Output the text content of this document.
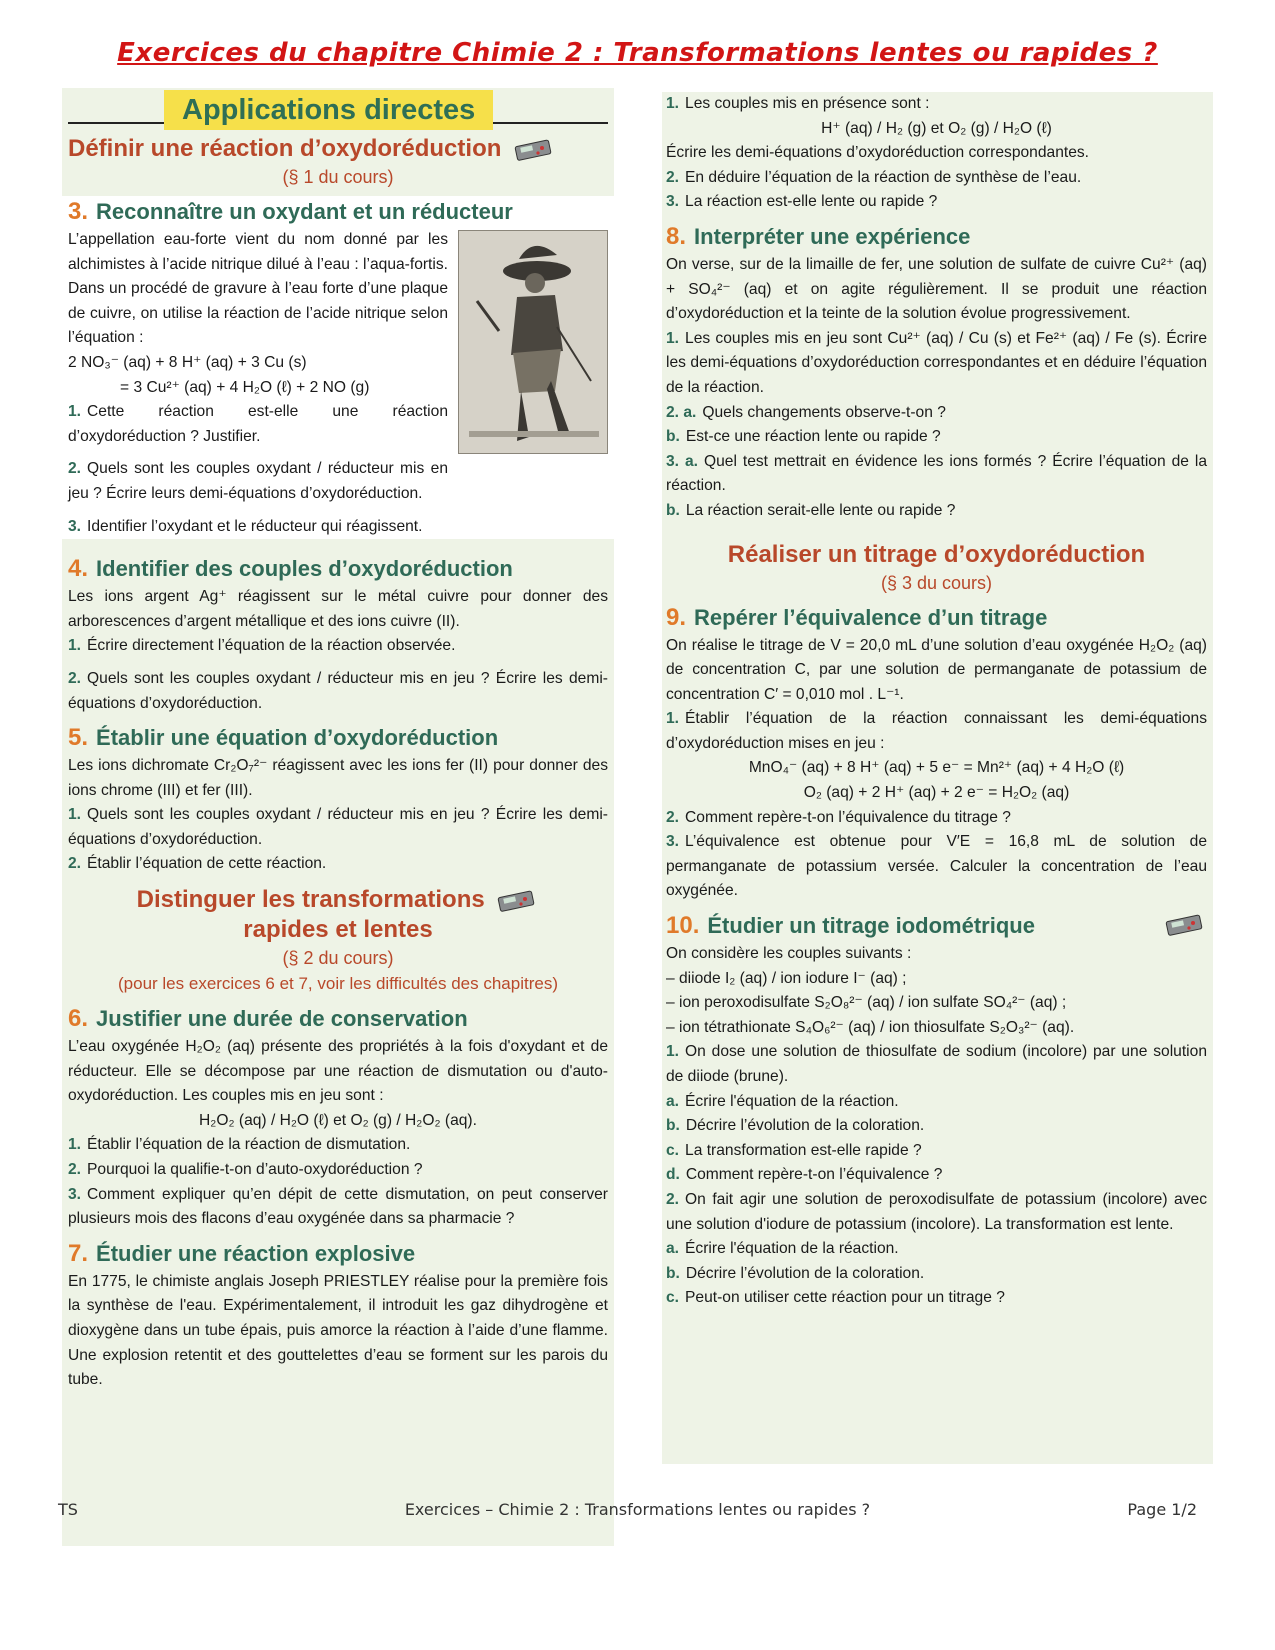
Exercices du chapitre Chimie 2 : Transformations lentes ou rapides ?
Applications directes
Définir une réaction d’oxydoréduction
(§ 1 du cours)
3. Reconnaître un oxydant et un réducteur

L’appellation eau-forte vient du nom donné par les alchimistes à l’acide nitrique dilué à l’eau : l’aqua-fortis. Dans un procédé de gravure à l’eau forte d’une plaque de cuivre, on utilise la réaction de l’acide nitrique selon l’équation :

2 NO₃⁻ (aq) + 8 H⁺ (aq) + 3 Cu (s)

= 3 Cu²⁺ (aq) + 4 H₂O (ℓ) + 2 NO (g)

1. Cette réaction est-elle une réaction d’oxydoréduction ? Justifier.

2. Quels sont les couples oxydant / réducteur mis en jeu ? Écrire leurs demi-équations d’oxydoréduction.

3. Identifier l’oxydant et le réducteur qui réagissent.

4. Identifier des couples d’oxydoréduction

Les ions argent Ag⁺ réagissent sur le métal cuivre pour donner des arborescences d’argent métallique et des ions cuivre (II).

1. Écrire directement l’équation de la réaction observée.

2. Quels sont les couples oxydant / réducteur mis en jeu ? Écrire les demi-équations d’oxydoréduction.

5. Établir une équation d’oxydoréduction

Les ions dichromate Cr₂O₇²⁻ réagissent avec les ions fer (II) pour donner des ions chrome (III) et fer (III).

1. Quels sont les couples oxydant / réducteur mis en jeu ? Écrire les demi-équations d’oxydoréduction.

2. Établir l’équation de cette réaction.

Distinguer les transformations
rapides et lentes
(§ 2 du cours)
(pour les exercices 6 et 7, voir les difficultés des chapitres)
6. Justifier une durée de conservation

L’eau oxygénée H₂O₂ (aq) présente des propriétés à la fois d'oxydant et de réducteur. Elle se décompose par une réaction de dismutation ou d'auto-oxydoréduction. Les couples mis en jeu sont :

H₂O₂ (aq) / H₂O (ℓ) et O₂ (g) / H₂O₂ (aq).

1. Établir l’équation de la réaction de dismutation.

2. Pourquoi la qualifie-t-on d’auto-oxydoréduction ?

3. Comment expliquer qu’en dépit de cette dismutation, on peut conserver plusieurs mois des flacons d’eau oxygénée dans sa pharmacie ?

7. Étudier une réaction explosive

En 1775, le chimiste anglais Joseph PRIESTLEY réalise pour la première fois la synthèse de l'eau. Expérimentalement, il introduit les gaz dihydrogène et dioxygène dans un tube épais, puis amorce la réaction à l’aide d’une flamme. Une explosion retentit et des gouttelettes d’eau se forment sur les parois du tube.

1. Les couples mis en présence sont :

H⁺ (aq) / H₂ (g) et O₂ (g) / H₂O (ℓ)

Écrire les demi-équations d’oxydoréduction correspondantes.

2. En déduire l’équation de la réaction de synthèse de l’eau.

3. La réaction est-elle lente ou rapide ?

8. Interpréter une expérience

On verse, sur de la limaille de fer, une solution de sulfate de cuivre Cu²⁺ (aq) + SO₄²⁻ (aq) et on agite régulièrement. Il se produit une réaction d’oxydoréduction et la teinte de la solution évolue progressivement.

1. Les couples mis en jeu sont Cu²⁺ (aq) / Cu (s) et Fe²⁺ (aq) / Fe (s). Écrire les demi-équations d’oxydoréduction correspondantes et en déduire l’équation de la réaction.

2. a. Quels changements observe-t-on ?

b. Est-ce une réaction lente ou rapide ?

3. a. Quel test mettrait en évidence les ions formés ? Écrire l’équation de la réaction.

b. La réaction serait-elle lente ou rapide ?

Réaliser un titrage d’oxydoréduction
(§ 3 du cours)
9. Repérer l’équivalence d’un titrage

On réalise le titrage de V = 20,0 mL d’une solution d’eau oxygénée H₂O₂ (aq) de concentration C, par une solution de permanganate de potassium de concentration C′ = 0,010 mol . L⁻¹.

1. Établir l’équation de la réaction connaissant les demi-équations d’oxydoréduction mises en jeu :

MnO₄⁻ (aq) + 8 H⁺ (aq) + 5 e⁻ = Mn²⁺ (aq) + 4 H₂O (ℓ)

O₂ (aq) + 2 H⁺ (aq) + 2 e⁻ = H₂O₂ (aq)

2. Comment repère-t-on l’équivalence du titrage ?

3. L’équivalence est obtenue pour V′E = 16,8 mL de solution de permanganate de potassium versée. Calculer la concentration de l’eau oxygénée.

10. Étudier un titrage iodométrique

On considère les couples suivants :

– diiode I₂ (aq) / ion iodure I⁻ (aq) ;

– ion peroxodisulfate S₂O₈²⁻ (aq) / ion sulfate SO₄²⁻ (aq) ;

– ion tétrathionate S₄O₆²⁻ (aq) / ion thiosulfate S₂O₃²⁻ (aq).

1. On dose une solution de thiosulfate de sodium (incolore) par une solution de diiode (brune).

a. Écrire l'équation de la réaction.

b. Décrire l’évolution de la coloration.

c. La transformation est-elle rapide ?

d. Comment repère-t-on l’équivalence ?

2. On fait agir une solution de peroxodisulfate de potassium (incolore) avec une solution d'iodure de potassium (incolore). La transformation est lente.

a. Écrire l'équation de la réaction.

b. Décrire l’évolution de la coloration.

c. Peut-on utiliser cette réaction pour un titrage ?

TS	Exercices – Chimie 2 : Transformations lentes ou rapides ?	Page 1/2
